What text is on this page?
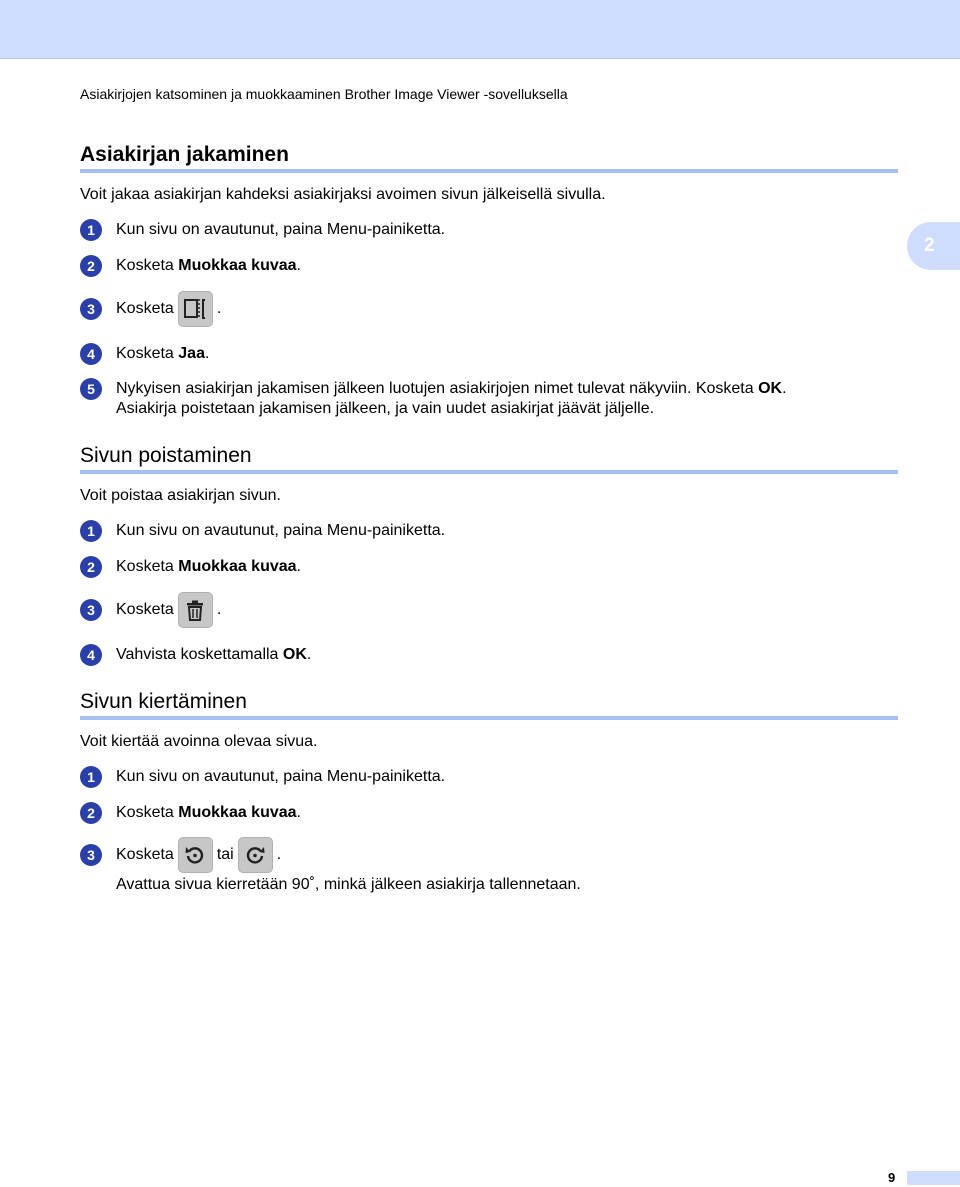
Asiakirjojen katsominen ja muokkaaminen Brother Image Viewer -sovelluksella
2
Asiakirjan jakaminen
Voit jakaa asiakirjan kahdeksi asiakirjaksi avoimen sivun jälkeisellä sivulla.
1	Kun sivu on avautunut, paina Menu-painiketta.
2	Kosketa Muokkaa kuvaa.
3	Kosketa	.
4	Kosketa Jaa.
5	Nykyisen asiakirjan jakamisen jälkeen luotujen asiakirjojen nimet tulevat näkyviin. Kosketa OK.
Asiakirja poistetaan jakamisen jälkeen, ja vain uudet asiakirjat jäävät jäljelle.
Sivun poistaminen
Voit poistaa asiakirjan sivun.
1	Kun sivu on avautunut, paina Menu-painiketta.
2	Kosketa Muokkaa kuvaa.
3	Kosketa	.
4	Vahvista koskettamalla OK.
Sivun kiertäminen
Voit kiertää avoinna olevaa sivua.
1	Kun sivu on avautunut, paina Menu-painiketta.
2	Kosketa Muokkaa kuvaa.
3	Kosketa	tai	.
Avattua sivua kierretään 90˚, minkä jälkeen asiakirja tallennetaan.
9
